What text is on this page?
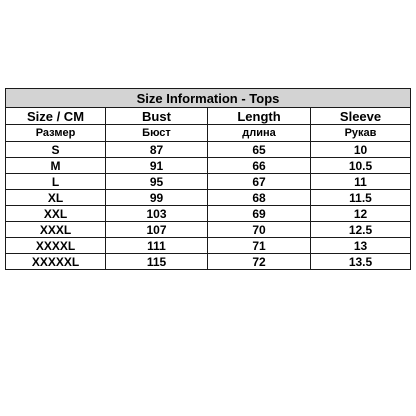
Size Information - Tops			
Size / CM	Bust	Length	Sleeve
Размер	Бюст	длина	Рукав
S	87	65	10
M	91	66	10.5
L	95	67	11
XL	99	68	11.5
XXL	103	69	12
XXXL	107	70	12.5
XXXXL	111	71	13
XXXXXL	115	72	13.5
